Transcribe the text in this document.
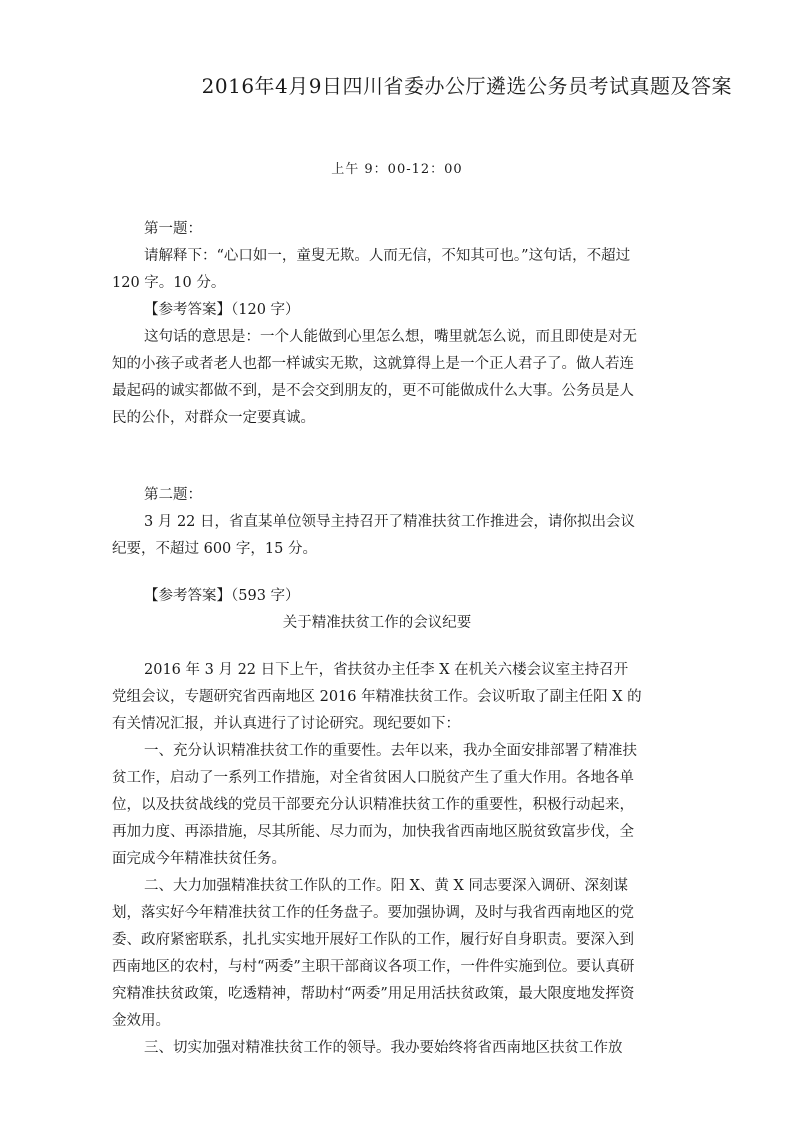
2016年4月9日四川省委办公厅遴选公务员考试真题及答案
上午 9：00-12：00

第一题：

请解释下：“心口如一，童叟无欺。人而无信，不知其可也。”这句话，不超过 120 字。10 分。

【参考答案】（120 字）

这句话的意思是：一个人能做到心里怎么想，嘴里就怎么说，而且即使是对无知的小孩子或者老人也都一样诚实无欺，这就算得上是一个正人君子了。做人若连最起码的诚实都做不到，是不会交到朋友的，更不可能做成什么大事。公务员是人民的公仆，对群众一定要真诚。

第二题：

3 月 22 日，省直某单位领导主持召开了精准扶贫工作推进会，请你拟出会议纪要，不超过 600 字，15 分。

【参考答案】（593 字）

关于精准扶贫工作的会议纪要

2016 年 3 月 22 日下上午，省扶贫办主任李 X 在机关六楼会议室主持召开党组会议，专题研究省西南地区 2016 年精准扶贫工作。会议听取了副主任阳 X 的有关情况汇报，并认真进行了讨论研究。现纪要如下：

一、充分认识精准扶贫工作的重要性。去年以来，我办全面安排部署了精准扶贫工作，启动了一系列工作措施，对全省贫困人口脱贫产生了重大作用。各地各单位，以及扶贫战线的党员干部要充分认识精准扶贫工作的重要性，积极行动起来，再加力度、再添措施，尽其所能、尽力而为，加快我省西南地区脱贫致富步伐，全面完成今年精准扶贫任务。

二、大力加强精准扶贫工作队的工作。阳 X、黄 X 同志要深入调研、深刻谋划，落实好今年精准扶贫工作的任务盘子。要加强协调，及时与我省西南地区的党委、政府紧密联系，扎扎实实地开展好工作队的工作，履行好自身职责。要深入到西南地区的农村，与村“两委”主职干部商议各项工作，一件件实施到位。要认真研究精准扶贫政策，吃透精神，帮助村“两委”用足用活扶贫政策，最大限度地发挥资金效用。

三、切实加强对精准扶贫工作的领导。我办要始终将省西南地区扶贫工作放
